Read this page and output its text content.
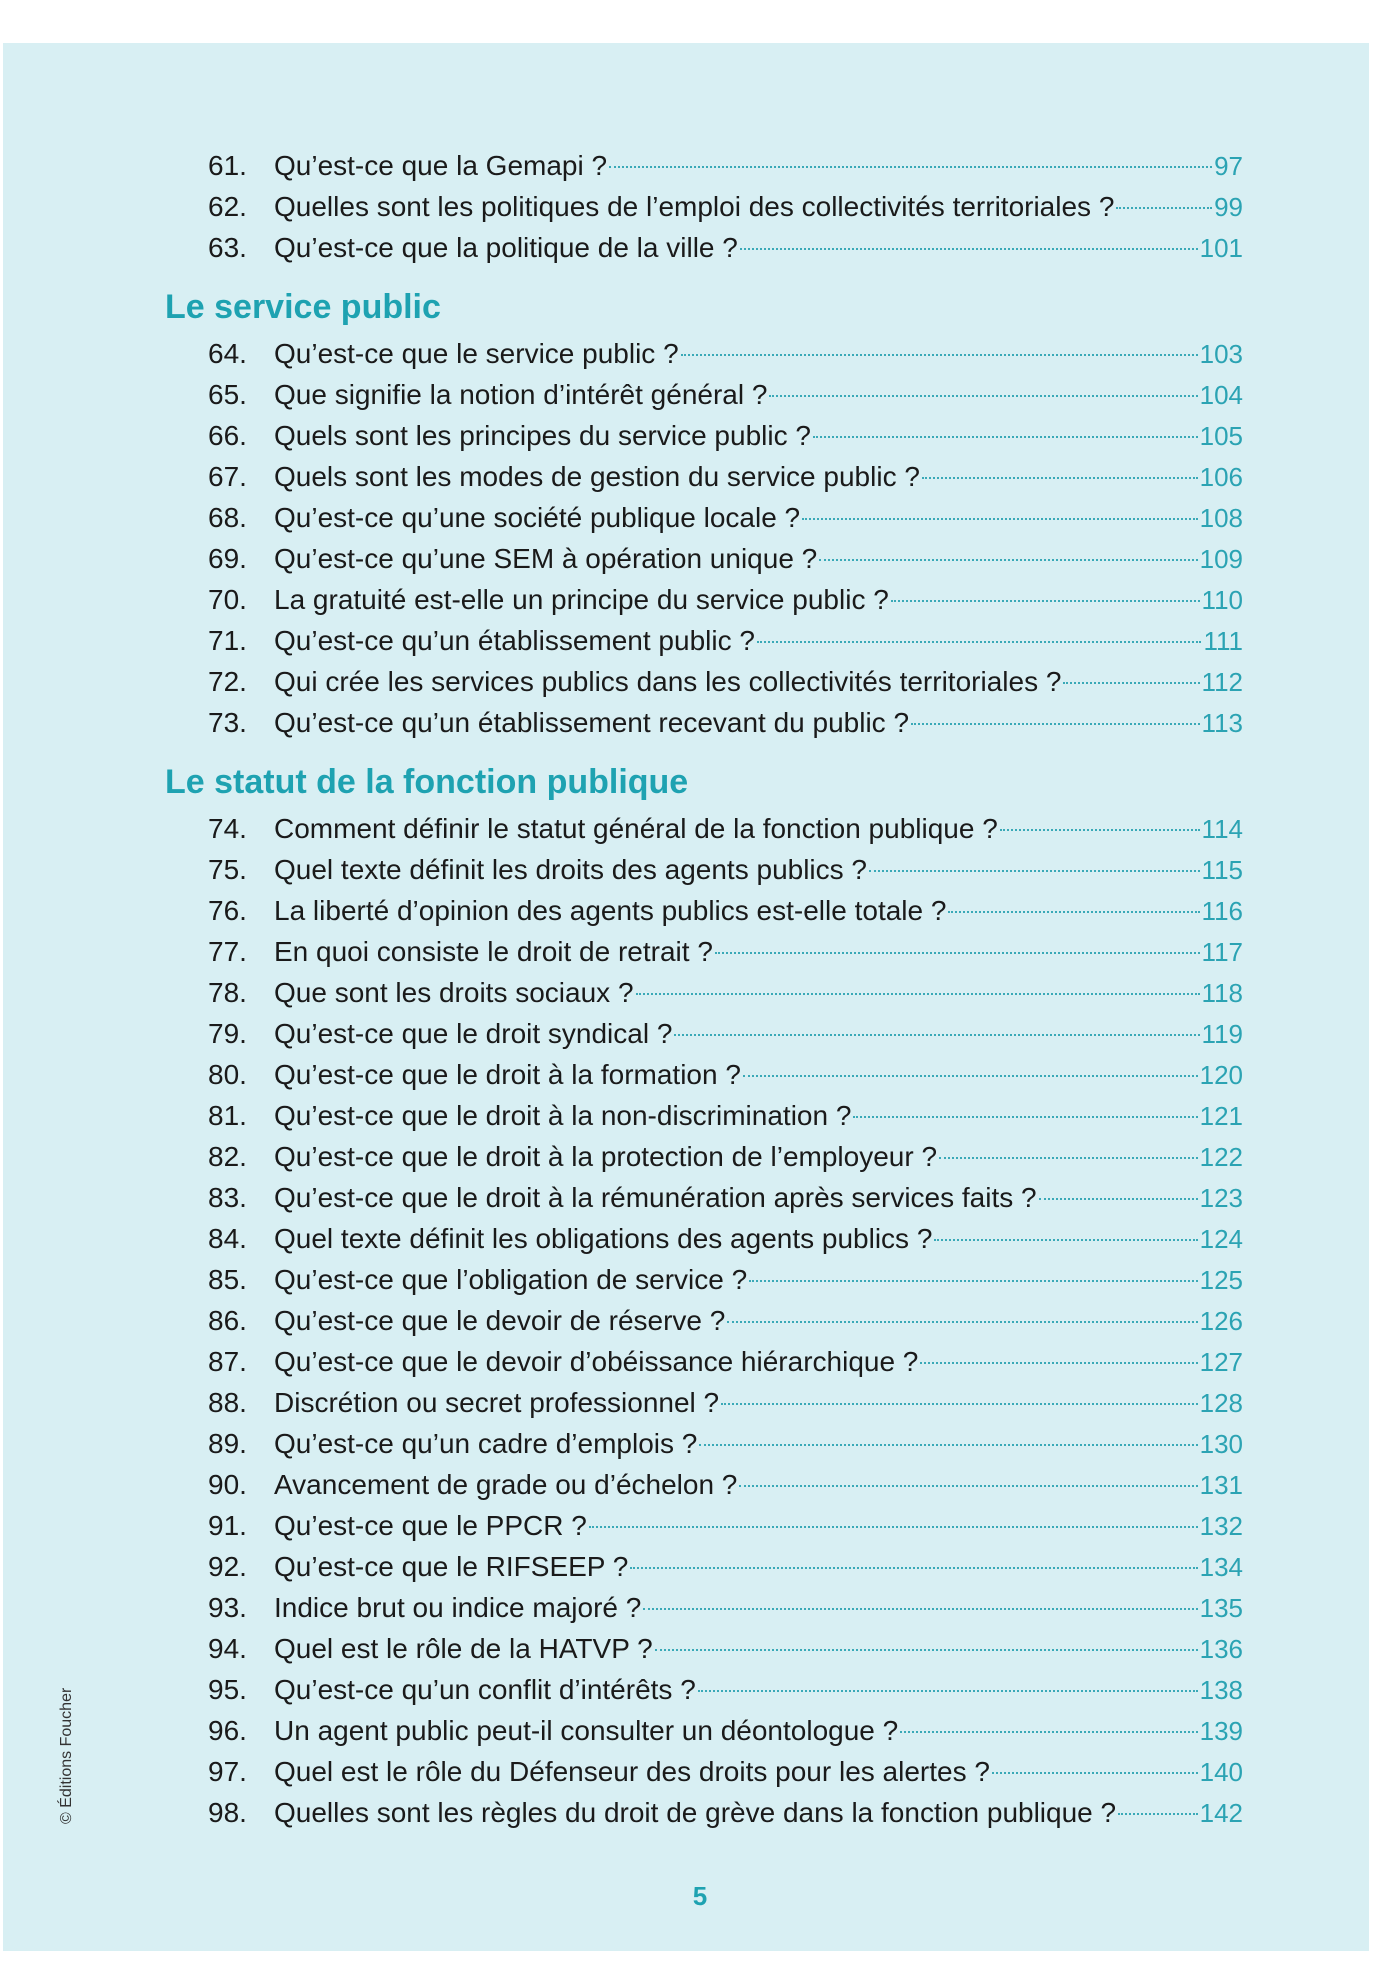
61. Qu’est-ce que la Gemapi ?	97
62. Quelles sont les politiques de l’emploi des collectivités territoriales ?	99
63. Qu’est-ce que la politique de la ville ?	101
Le service public
64. Qu’est-ce que le service public ?	103
65. Que signifie la notion d’intérêt général ?	104
66. Quels sont les principes du service public ?	105
67. Quels sont les modes de gestion du service public ?	106
68. Qu’est-ce qu’une société publique locale ?	108
69. Qu’est-ce qu’une SEM à opération unique ?	109
70. La gratuité est-elle un principe du service public ?	110
71. Qu’est-ce qu’un établissement public ?	111
72. Qui crée les services publics dans les collectivités territoriales ?	112
73. Qu’est-ce qu’un établissement recevant du public ?	113
Le statut de la fonction publique
74. Comment définir le statut général de la fonction publique ?	114
75. Quel texte définit les droits des agents publics ?	115
76. La liberté d’opinion des agents publics est-elle totale ?	116
77. En quoi consiste le droit de retrait ?	117
78. Que sont les droits sociaux ?	118
79. Qu’est-ce que le droit syndical ?	119
80. Qu’est-ce que le droit à la formation ?	120
81. Qu’est-ce que le droit à la non-discrimination ?	121
82. Qu’est-ce que le droit à la protection de l’employeur ?	122
83. Qu’est-ce que le droit à la rémunération après services faits ?	123
84. Quel texte définit les obligations des agents publics ?	124
85. Qu’est-ce que l’obligation de service ?	125
86. Qu’est-ce que le devoir de réserve ?	126
87. Qu’est-ce que le devoir d’obéissance hiérarchique ?	127
88. Discrétion ou secret professionnel ?	128
89. Qu’est-ce qu’un cadre d’emplois ?	130
90. Avancement de grade ou d’échelon ?	131
91. Qu’est-ce que le PPCR ?	132
92. Qu’est-ce que le RIFSEEP ?	134
93. Indice brut ou indice majoré ?	135
94. Quel est le rôle de la HATVP ?	136
95. Qu’est-ce qu’un conflit d’intérêts ?	138
96. Un agent public peut-il consulter un déontologue ?	139
97. Quel est le rôle du Défenseur des droits pour les alertes ?	140
98. Quelles sont les règles du droit de grève dans la fonction publique ?	142
5
© Éditions Foucher
